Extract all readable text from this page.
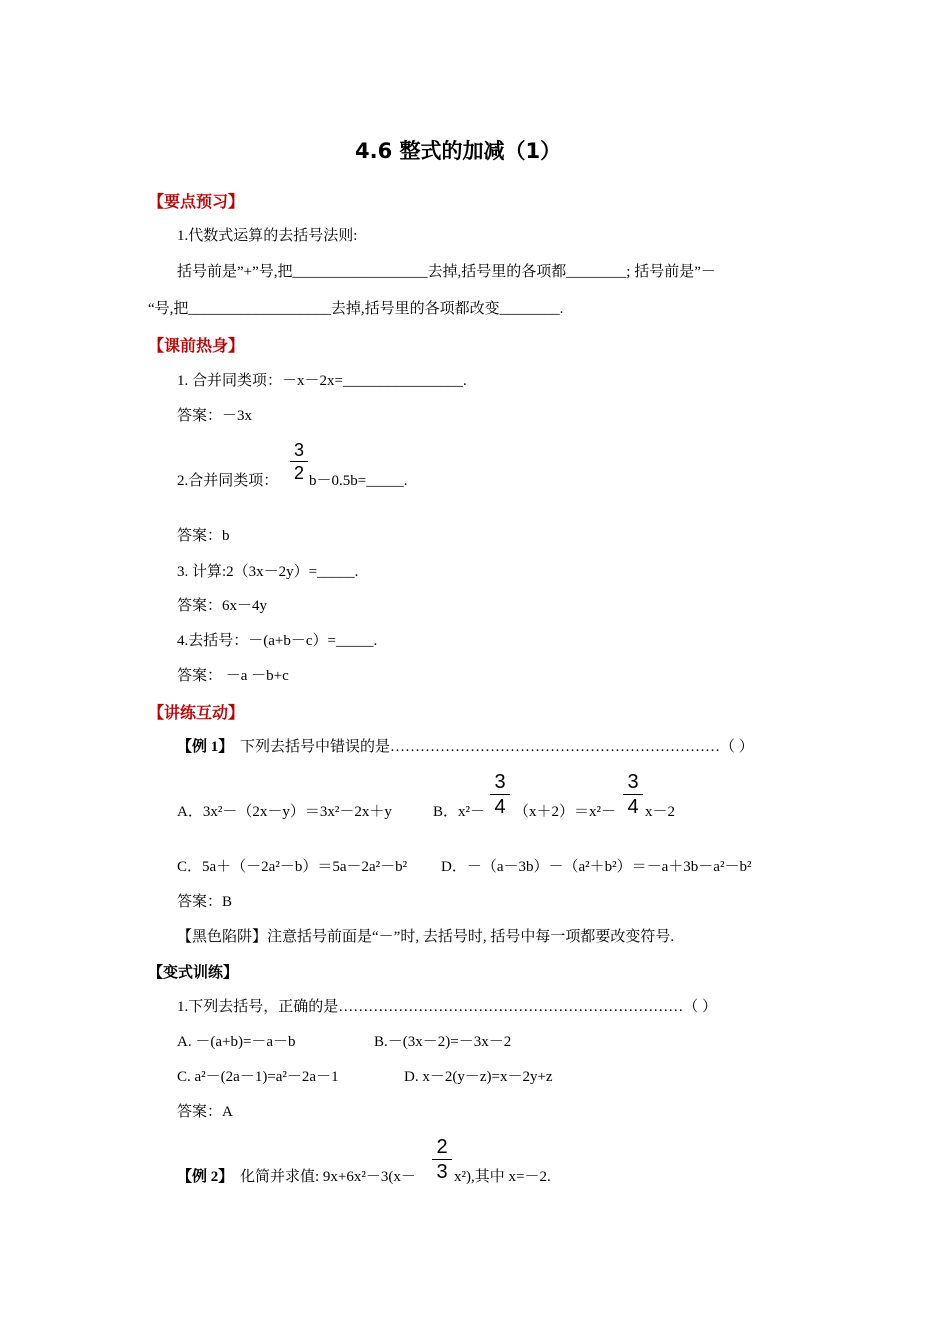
4.6 整式的加减（1）
【要点预习】
1.代数式运算的去括号法则:
括号前是”+”号,把__________________去掉,括号里的各项都________; 括号前是”－
“号,把___________________去掉,括号里的各项都改变________.
【课前热身】
1. 合并同类项：－x－2x=________________.
答案：－3x
2.合并同类项：
3
2 b－0.5b=_____.
答案：b
3. 计算:2（3x－2y）=_____.
答案：6x－4y
4.去括号：－(a+b－c）=_____.
答案： －a －b+c
【讲练互动】
【例 1】 下列去括号中错误的是…………………………………………………………（ ）
A．3x²－（2x－y）＝3x²－2x＋y	B．x²－
3
4 （x＋2）＝x²－
3
4 x－2
C．5a＋（－2a²－b）＝5a－2a²－b² D．－（a－3b）－（a²＋b²）＝－a＋3b－a²－b²
答案：B
【黑色陷阱】注意括号前面是“－”时, 去括号时, 括号中每一项都要改变符号.
【变式训练】
1.下列去括号，正确的是……………………………………………………………（ ）
A. －(a+b)=－a－b	B.－(3x－2)=－3x－2
C. a²－(2a－1)=a²－2a－1	D. x－2(y－z)=x－2y+z
答案：A
【例 2】 化简并求值: 9x+6x²－3(x－
2
3 x²),其中 x=－2.
